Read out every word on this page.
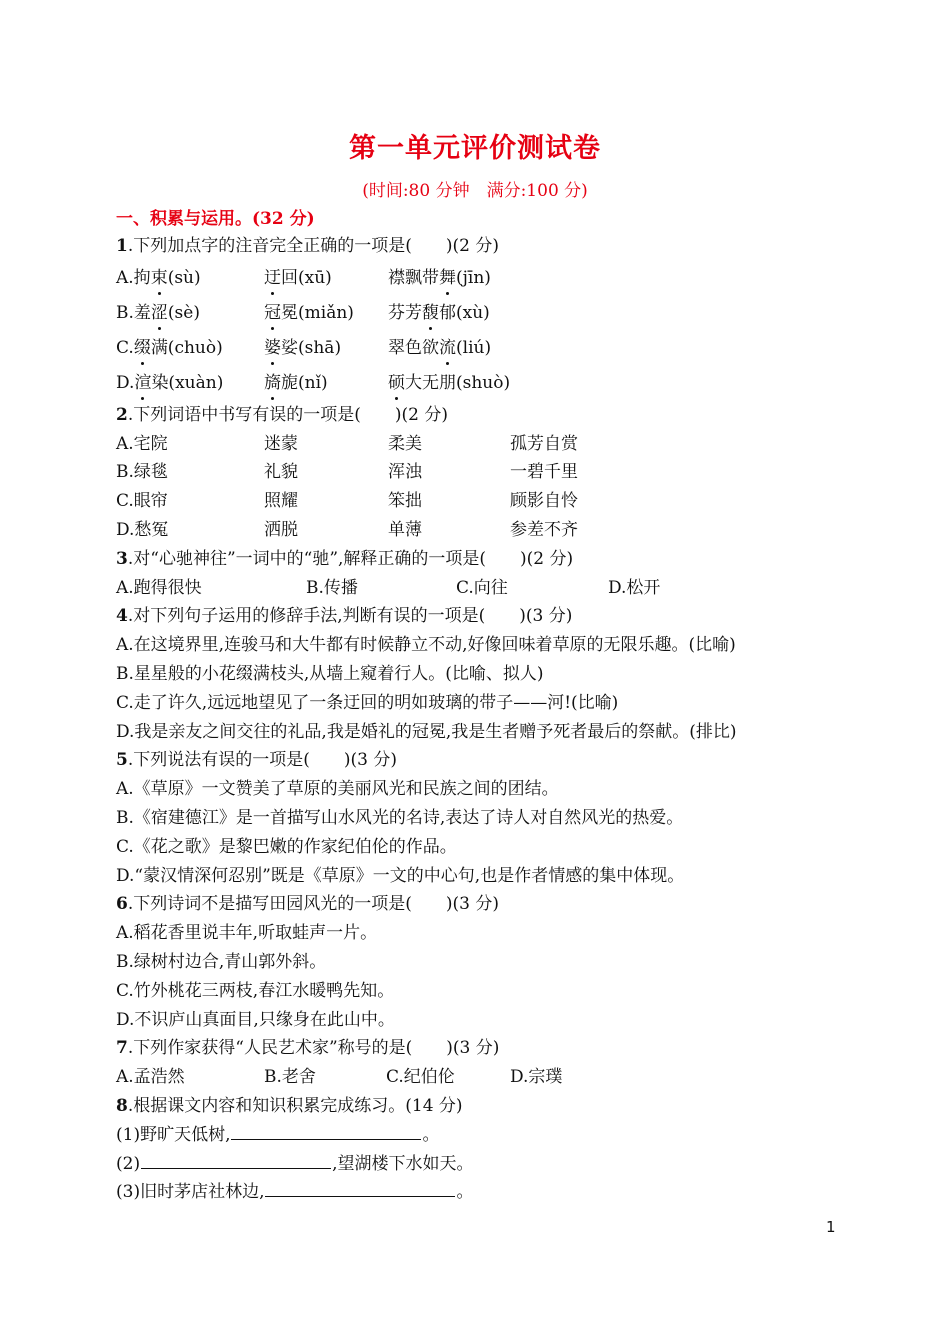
第一单元评价测试卷
(时间:80 分钟　满分:100 分)
一、积累与运用。(32 分)
1.下列加点字的注音完全正确的一项是(　　)(2 分)
A.拘束(sù)	迂回(xū)	襟飘带舞(jīn)
B.羞涩(sè)	冠冕(miǎn) 芬芳馥郁(xù)
C.缀满(chuò) 婆娑(shā)	翠色欲流(liú)
D.渲染(xuàn) 旖旎(nǐ)	硕大无朋(shuò)
2.下列词语中书写有误的一项是(　　)(2 分)
A.宅院	迷蒙	柔美	孤芳自赏
B.绿毯	礼貌	浑浊	一碧千里
C.眼帘	照耀	笨拙	顾影自怜
D.愁冤	洒脱	单薄	参差不齐
3.对“心驰神往”一词中的“驰”,解释正确的一项是(　　)(2 分)
A.跑得很快	B.传播	C.向往	D.松开
4.对下列句子运用的修辞手法,判断有误的一项是(　　)(3 分)
A.在这境界里,连骏马和大牛都有时候静立不动,好像回味着草原的无限乐趣。(比喻)
B.星星般的小花缀满枝头,从墙上窥着行人。(比喻、拟人)
C.走了许久,远远地望见了一条迂回的明如玻璃的带子——河!(比喻)
D.我是亲友之间交往的礼品,我是婚礼的冠冕,我是生者赠予死者最后的祭献。(排比)
5.下列说法有误的一项是(　　)(3 分)
A.《草原》一文赞美了草原的美丽风光和民族之间的团结。
B.《宿建德江》是一首描写山水风光的名诗,表达了诗人对自然风光的热爱。
C.《花之歌》是黎巴嫩的作家纪伯伦的作品。
D.“蒙汉情深何忍别”既是《草原》一文的中心句,也是作者情感的集中体现。
6.下列诗词不是描写田园风光的一项是(　　)(3 分)
A.稻花香里说丰年,听取蛙声一片。
B.绿树村边合,青山郭外斜。
C.竹外桃花三两枝,春江水暖鸭先知。
D.不识庐山真面目,只缘身在此山中。
7.下列作家获得“人民艺术家”称号的是(　　)(3 分)
A.孟浩然	B.老舍	C.纪伯伦	D.宗璞
8.根据课文内容和知识积累完成练习。(14 分)
(1)野旷天低树,	。
(2)	,望湖楼下水如天。
(3)旧时茅店社林边,	。
1
